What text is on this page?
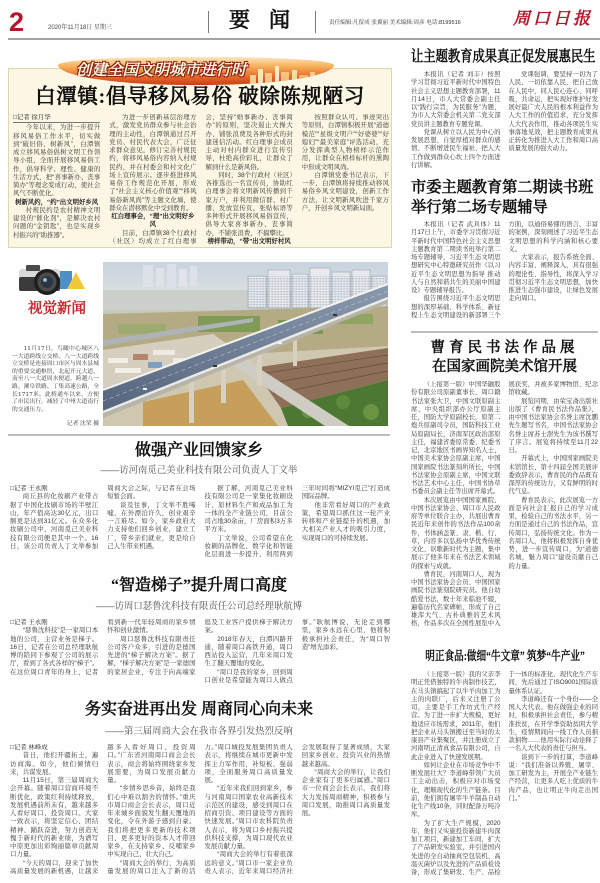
2	2020年11月18日 星期三	要闻	责任编辑:凡留成 张翼丽 美术编辑:周彦 电话:8199516	周口日报
创建全国文明城市进行时
白潭镇:倡导移风易俗 破除陈规陋习
□记者 徐月华

今年以来，为进一步提升移风易俗工作水平，切实做到“破旧俗、树新风”，白潭镇成立移风易俗倡树文明工作领导小组，全面开展移风易俗工作，倡导科学、理性、健康的生活方式，把“喜事新办、丧事简办”等理念变成行动，使社会风气不断优化。

树新风约，“约”出文明好乡风

村规民约是农村精神文明建设的“催化剂”，是解决农村问题的“金钥匙”，也是实现乡村振兴的“助推器”。

为进一步创新基层治理方式，激发党员群众参与社会治理的主动性，白潭镇通过召开党员、村民代表大会，广泛征求群众意见，修订完善村规民约，将移风易俗内容纳入村规民约，并在村委会和村文化广场上宣传展示。逐步推进移风易俗工作规范化开展，形成了“社会主义核心价值观”“移风易俗新风尚”等主题文化墙，使群众在潜移默化中受到教育。

红白理事会，“理”出文明好乡风

目前，白潭镇38个行政村（社区）均成立了红白理事会，坚持“婚事新办、丧事简办”的原则，坚决遏止大操大办、铺张浪费及各种形式的封建迷信活动。红白理事会成员主动对村内群众进行宣传引导，杜绝高价彩礼，让群众了解到什么是新风俗。

同时，38个行政村（社区）各推选出一名宣传员，协助红白理事会将文明新风传播到千家万户，并利用微信群、村广播、发放宣传页、张贴标语等多种形式开展移风易俗宣传，倡导大家喜事新办、丧事简办，不铺张浪费，不搞攀比。

榜样带动，“带”出文明好村风

按照群众认可、事迹突出等原则，白潭镇积极开展“道德模范”“星级文明户”“好婆婆”“好媳妇”“最美家庭”评选活动，充分发挥典型人物榜样示范作用，让群众在榜样标杆的熏陶中形成文明风尚。

白潭镇党委书记表示，下一步，白潭镇将持续推动移风易俗乡风文明建设，创新工作方法，让文明新风吹进千家万户，开创乡风文明新局面。

视觉新闻
11月17日，鸟瞰中心城区八一大道跨线立交桥。八一大道跨线立交桥是连接周口市区与周水县城的重要交通枢纽，北起开元大道，南至八一大道周水便道，跨越八一路、漯阜铁路、丁集高速公路，全长1717米。此桥通车以来，方便了市民出行，减轻了中州大道南行的交通压力。
记者 沈荣 摄
做强产业回馈家乡
——访河南觅己美业科技有限公司负责人丁文举
□记者 王永刚

商丘县的化妆刷产业带占据了中国化妆刷市场的半壁江山，年产值高达30亿元，出口额更是达到31亿元。在众多化妆刷公司中，河南觅己美业科技有限公司便是其中一个。16日，该公司负责人丁文举参加周商大会之际，与记者在会场短暂会面。

谈及往事，丁文举不胜唏嘘，在外漂泊许久，创业艰辛一言难尽。如今，家乡政府大力支持他们回乡创业，建立工厂，带乡亲们就业，更是给自己人生带来机遇。

据了解，河南觅己美业科技有限公司是一家集化妆刷设计、原材料生产和成品加工为一体的全产业链公司，目前公司占地30余亩，厂房面积3万多平方米。

丁文举说，公司希望在化妆刷的品牌化、数字化和智能化层面进一步提升，利用两到三年时间将“MIZYI觅己”打造成国际品牌。

他非常看好周口的产业政策，希望周口抓住这一轮产业转移和产业链提升的机遇，加大相关产业人才的吸引力度，实现周口的可持续发展。

“智造梯子”提升周口高度
——访周口瑟鲁沈科技有限责任公司总经理耿航博
□记者 王永刚

“瑟鲁沈科技”是一家周口本地的公司，主营业务是梯子。16日，记者在公司总经理耿航博的陪同下参观了公司的展示厅，看到了各式各样的“梯子”。在这位周口青年的身上，记者看到新一代年轻周商的家乡情怀和创业激情。

周口瑟鲁沈科技有限责任公司客户众多，引进的是德国先进的“梯子解决方案”。据了解，“梯子解决方案”是一家德国的家居企业，专注于向高端家庭及工业客户提供梯子解决方案。

2018年春天，白潭四路开通，随着周口高铁开通，周口西站投入运营，几年来周口发生了翻天覆地的变化。

“周口是我的家乡，回到周口创业是希望能为周口人做点事。”耿航博说，无论走到哪里，家乡永远在心里，他将积极承担社会责任，为“周口智造”增光添彩。

务实奋进再出发 周商同心向未来
——第三届周商大会在我市各界引发热烈反响
□记者 林峰成

昔日，他们开疆拓土，遍访商海。如今，他们倾情归来，共谋发展。

11月15日，第三届周商大会开幕。随着周口营商环境不断优化，政策红利持续释放，发展机遇前所未有，越来越多人看好周口、投资周口。大家一致表示，将坚定信心、团结精神、踊跃奋进，努力创造无愧于新时代的新业绩，为谱写中原更加出彩绚丽篇章贡献周口力量。

“今天的周口，迎来了加快高质量发展的新机遇，让越来越多人看好周口、投资周口。”广东省河南周口商会会长表示，商会将始终围绕家乡发展需要，为周口发展贡献力量。

“乡情乡思乡音，始终是我们心中难以割舍的情怀。”重庆市周口商会会长表示，周口近年来城乡面貌发生翻天覆地的变化，令在外游子感到自豪。我们将把更多更新的技术项目、更多更好的资本人才带回家乡，在支持家乡、反哺家乡中实现自己、壮大自己。

“周商大会的举行，为高质量发展的周口注入了新的活力。”周口城投发展集团负责人表示，将继续在城市更新中发挥主力军作用，补短板、强弱项，全面服务周口高质量发展。

“近年来我们回到家乡，参与河南周口国家农业高新技术示范区的建设，感受到周口在招商引资、项目建设等方面的快速发展。”周口市农科院负责人表示，将为周口乡村振兴提供科技支撑，为周口现代农业发展贡献力量。

“周商大会的举行有着很深远的意义。”周口市一家企业负责人表示，近年来周口经济社会发展取得了显著成绩，大家回家乡创业、投资兴业的热情越来越高。

“周商大会的举行，让我们企业家有了更多归属感。”周口市一位商会会长表示，我们将大力发扬周商精神，积极参与周口发展，助推周口高质量发展。

让主题教育成果真正促发展惠民生

本报讯（记者 刘丰）按照学习贯彻习近平新时代中国特色社会主义思想主题教育部署，11月14日，市人大常委会副主任以“践行宗旨，为民服务”为题，为市人大常委会机关第二党支部党员讲主题教育专题党课。

党课从树立以人民为中心的发展思想、自觉厚植对群众的感情、不断增进民生福祉、把人大工作做到群众心坎上四个方面进行讲解。

党课强调，要坚持一切为了人民、一切依靠人民，把自己放在人民中，同人民心连心、同呼吸、共命运，把实现好维护好发展好最广大人民的根本利益作为人大工作的价值追求，充分发挥人大代表作用，推动各项民生实事落地见效，把主题教育成果真正转化为推进人大工作和周口高质量发展的强大动力。

市委主题教育第二期读书班
举行第二场专题辅导

本报讯（记者 武具体）11月17日上午，市委学习贯彻习近平新时代中国特色社会主义思想主题教育第二期读书班举行第二场专题辅导，习近平生态文明思想研究中心特邀研究员作《以习近平生态文明思想为指导 推动人与自然和谐共生的美丽中国建设》专题辅导报告。

报告围绕习近平生态文明思想的深厚基础、科学体系、新征程上生态文明建设的新部署三个方面，以通俗易懂的语言、丰富的案例，深刻阐述了习近平生态文明思想的科学内涵和核心要义。

大家表示，报告系统全面、内容丰富、阐释深入，具有很强的理论性、指导性，将深入学习贯彻习近平生态文明思想，加快推进生态强市建设，让绿色发展走向周口。

曹育民书法作品展
在国家画院美术馆开展

（上接第一版）中国华融股份有限公司原副董事长、周口籍书法家张大卫，中国文联原副主席、中央组织部办公厅原副主任，国防大学原副校长，原第二炮兵原副司令员，国防科技工业局原副局长，济南军区政治部原主任，福建省委原常委、纪委书记，北京地区书画界知名人士，中国美术家协会原副主席，中国国家画院书法篆刻所所长，中国书法家协会原副主席，中国文联书法艺术中心主任，中国书协草书委员会副主任等出席开幕式。

本次展览由中国国家画院、中国书法家协会、周口市人民政府等单位联合主办，共展出曹育民近年来创作的书法作品100余件，书体涵盖篆、隶、楷、行、草，内容多以弘扬中华优秀传统文化、讴歌新时代为主题，集中展示了他多年来在书法艺术领域的探索与成就。

曹育民，河南周口人，现为中国书法家协会会员、中国国家画院书法篆刻院研究员。他自幼酷爱书法，数十年来临池不辍，遍临历代名家碑帖，形成了自己雄浑大气、古朴典雅的艺术风格，作品多次在全国性展览中入展获奖，并被多家博物馆、纪念馆收藏。

展览同期，由荣宝斋出版社出版了《曹育民书法作品集》，由中国书法家协会名誉主席沈鹏先生题写书名，中国书法家协会名誉主席苏士澍先生为该书撰写了序言。展览将持续至11月22日。

开幕式上，中国国家画院美术馆馆长、第十四届全国美展评委致辞表示，曹育民的作品既有深厚的传统功力，又有鲜明的时代气息。

曹育民表示，此次展览一方面是向社会汇报自己的学习成果，检验自己的书法水平，另一方面是通过自己的书法作品，宣传周口，弘扬传统文化。作为一名周口人，他将积极发挥自身优势，进一步宣传周口，为“道德名城，魅力周口”建设贡献自己的力量。

明正食品:做细“牛文章” 筑梦“牛产业”

（上接第一版）我的父亲李明正凭借独特的牛肉制作技艺，在马头镇搞起了以牛羊肉加工为主的肉联厂，后来又注册了公司，主要是手工作坊式生产经营。为了进一步扩大规模，更好地适应市场需求，2011年，他们把企业从马头镇搬迁至当时的太康县产业集聚区，并注册成立了河南明正清真食品有限公司，自此企业进入了快速发展期。

如何让企业在市场竞争中不断发展壮大？李道峰带领广大员工主动出击，积极应对市场变化，理顺现代化的生产链条。目前，他们拥有屠宰牛羊制品自动化生产线10条，同时配备万吨冷库。

为了扩大生产规模，2020年，他们又实施投资新建牛肉深加工项目，新建加工车间，扩大了产品研发实验室，并引进国内先进的全自动抽真空包装机、高温灭菌炉以及先进的产品质检设备，形成了集研发、生产、品检于一体的标准化、现代化生产车间，先后通过了ISO9001国际质量体系认证。

李道峰还有一个身份——全国人大代表。他在做强企业的同时，积极承担社会责任，参与精准扶贫，在开学季资助贫困大学生，疫情期间向一线工作人员捐款捐物……他用实际行动诠释了一名人大代表的责任与担当。

谈到下一步的打算，李道峰说：“我们准备以养殖、屠宰、加工研发为主，开展全产业链生产经营，让更多人吃上优质的牛肉产品，也让明正牛肉走出国门。”
